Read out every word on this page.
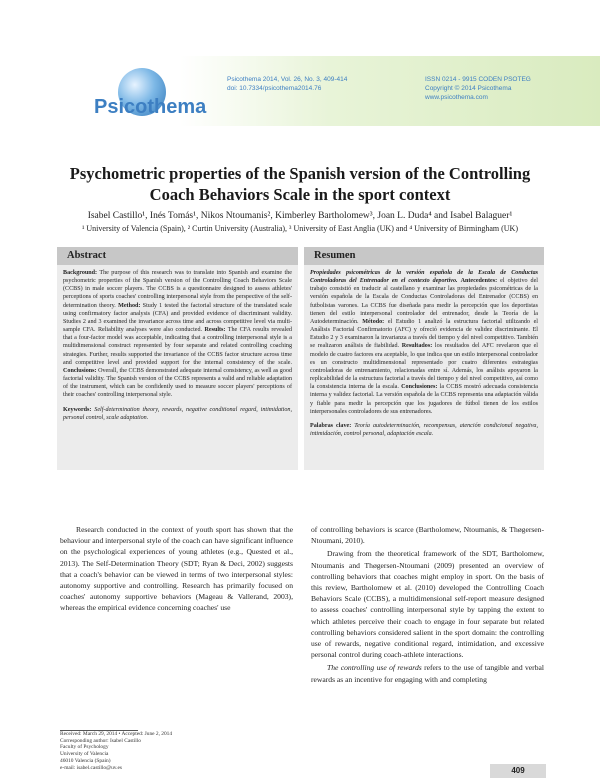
Psicothema
Psicothema 2014, Vol. 26, No. 3, 409-414
doi: 10.7334/psicothema2014.76
ISSN 0214 - 9915 CODEN PSOTEG
Copyright © 2014 Psicothema
www.psicothema.com
Psychometric properties of the Spanish version of the Controlling Coach Behaviors Scale in the sport context
Isabel Castillo¹, Inés Tomás¹, Nikos Ntoumanis², Kimberley Bartholomew³, Joan L. Duda⁴ and Isabel Balaguer¹
¹ University of Valencia (Spain), ² Curtin University (Australia), ³ University of East Anglia (UK) and ⁴ University of Birmingham (UK)
Abstract
Background: The purpose of this research was to translate into Spanish and examine the psychometric properties of the Spanish version of the Controlling Coach Behaviors Scale (CCBS) in male soccer players. The CCBS is a questionnaire designed to assess athletes' perceptions of sports coaches' controlling interpersonal style from the perspective of the self-determination theory. Method: Study 1 tested the factorial structure of the translated scale using confirmatory factor analysis (CFA) and provided evidence of discriminant validity. Studies 2 and 3 examined the invariance across time and across competitive level via multi-sample CFA. Reliability analyses were also conducted. Results: The CFA results revealed that a four-factor model was acceptable, indicating that a controlling interpersonal style is a multidimensional construct represented by four separate and related controlling coaching strategies. Further, results supported the invariance of the CCBS factor structure across time and competitive level and provided support for the internal consistency of the scale. Conclusions: Overall, the CCBS demonstrated adequate internal consistency, as well as good factorial validity. The Spanish version of the CCBS represents a valid and reliable adaptation of the instrument, which can be confidently used to measure soccer players' perceptions of their coaches' controlling interpersonal style.
Keywords: Self-determination theory, rewards, negative conditional regard, intimidation, personal control, scale adaptation.
Resumen
Propiedades psicométricas de la versión española de la Escala de Conductas Controladoras del Entrenador en el contexto deportivo. Antecedentes: el objetivo del trabajo consistió en traducir al castellano y examinar las propiedades psicométricas de la versión española de la Escala de Conductas Controladoras del Entrenador (CCBS) en futbolistas varones. La CCBS fue diseñada para medir la percepción que los deportistas tienen del estilo interpersonal controlador del entrenador, desde la Teoría de la Autodeterminación. Método: el Estudio 1 analizó la estructura factorial utilizando el Análisis Factorial Confirmatorio (AFC) y ofreció evidencia de validez discriminante. El Estudio 2 y 3 examinaron la invarianza a través del tiempo y del nivel competitivo. También se realizaron análisis de fiabilidad. Resultados: los resultados del AFC revelaron que el modelo de cuatro factores era aceptable, lo que indica que un estilo interpersonal controlador es un constructo multidimensional representado por cuatro diferentes estrategias controladoras de entrenamiento, relacionadas entre sí. Además, los análisis apoyaron la replicabilidad de la estructura factorial a través del tiempo y del nivel competitivo, así como la consistencia interna de la escala. Conclusiones: la CCBS mostró adecuada consistencia interna y validez factorial. La versión española de la CCBS representa una adaptación válida y fiable para medir la percepción que los jugadores de fútbol tienen de los estilos interpersonales controladores de sus entrenadores.
Palabras clave: Teoría autodeterminación, recompensas, atención condicional negativa, intimidación, control personal, adaptación escala.

Research conducted in the context of youth sport has shown that the behaviour and interpersonal style of the coach can have significant influence on the psychological experiences of young athletes (e.g., Quested et al., 2013). The Self-Determination Theory (SDT; Ryan & Deci, 2002) suggests that a coach's behavior can be viewed in terms of two interpersonal styles: autonomy supportive and controlling. Research has primarily focused on coaches' autonomy supportive behaviors (Mageau & Vallerand, 2003), whereas the empirical evidence concerning coaches' use

of controlling behaviors is scarce (Bartholomew, Ntoumanis, & Thøgersen-Ntoumani, 2010).

Drawing from the theoretical framework of the SDT, Bartholomew, Ntoumanis and Thøgersen-Ntoumani (2009) presented an overview of controlling behaviors that coaches might employ in sport. On the basis of this review, Bartholomew et al. (2010) developed the Controlling Coach Behaviors Scale (CCBS), a multidimensional self-report measure designed to assess coaches' controlling interpersonal style by tapping the extent to which athletes perceive their coach to engage in four separate but related controlling behaviors considered salient in the sport domain: the controlling use of rewards, negative conditional regard, intimidation, and excessive personal control during coach-athlete interactions.

The controlling use of rewards refers to the use of tangible and verbal rewards as an incentive for engaging with and completing

Received: March 29, 2014 • Accepted: June 2, 2014
Corresponding author: Isabel Castillo
Faculty of Psychology
University of Valencia
46010 Valencia (Spain)
e-mail: isabel.castillo@uv.es	409
